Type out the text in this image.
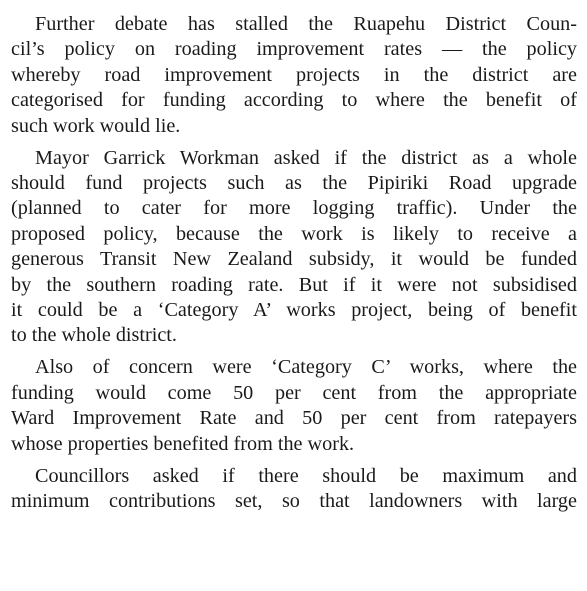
Further debate has stalled the Ruapehu District Coun-
cil’s policy on roading improvement rates — the policy
whereby road improvement projects in the district are
categorised for funding according to where the benefit of
such work would lie.

Mayor Garrick Workman asked if the district as a whole
should fund projects such as the Pipiriki Road upgrade
(planned to cater for more logging traffic). Under the
proposed policy, because the work is likely to receive a
generous Transit New Zealand subsidy, it would be funded
by the southern roading rate. But if it were not subsidised
it could be a ‘Category A’ works project, being of benefit
to the whole district.

Also of concern were ‘Category C’ works, where the
funding would come 50 per cent from the appropriate
Ward Improvement Rate and 50 per cent from ratepayers
whose properties benefited from the work.

Councillors asked if there should be maximum and
minimum contributions set, so that landowners with large
